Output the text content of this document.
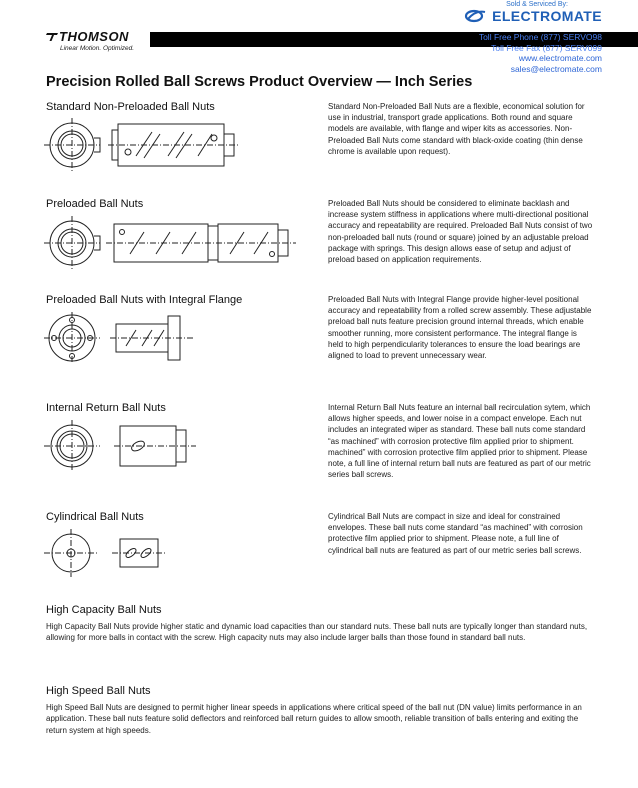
THOMSON
Linear Motion. Optimized.
Sold & Serviced By:
ELECTROMATE
Toll Free Phone (877) SERVO98
Toll Free Fax (877) SERV099
www.electromate.com
sales@electromate.com
Precision Rolled Ball Screws Product Overview — Inch Series
Standard Non-Preloaded Ball Nuts	Standard Non-Preloaded Ball Nuts are a flexible, economical solution for use in industrial, transport grade applications. Both round and square models are available, with flange and wiper kits as accessories. Non-Preloaded Ball Nuts come standard with black-oxide coating (thin dense chrome is available upon request).

Preloaded Ball Nuts	Preloaded Ball Nuts should be considered to eliminate backlash and increase system stiffness in applications where multi-directional positional accuracy and repeatability are required. Preloaded Ball Nuts consist of two non-preloaded ball nuts (round or square) joined by an adjustable preload package with springs. This design allows ease of setup and adjust of preload based on application requirements.

Preloaded Ball Nuts with Integral Flange	Preloaded Ball Nuts with Integral Flange provide higher-level positional accuracy and repeatability from a rolled screw assembly. These adjustable preload ball nuts feature precision ground internal threads, which enable smoother running, more consistent performance. The integral flange is held to high perpendicularity tolerances to ensure the load bearings are aligned to load to prevent unnecessary wear.

Internal Return Ball Nuts	Internal Return Ball Nuts feature an internal ball recirculation sytem, which allows higher speeds, and lower noise in a compact envelope. Each nut includes an integrated wiper as standard. These ball nuts come standard “as machined” with corrosion protective film applied prior to shipment. machined” with corrosion protective film applied prior to shipment. Please note, a full line of internal return ball nuts are featured as part of our metric series ball screws.

Cylindrical Ball Nuts	Cylindrical Ball Nuts are compact in size and ideal for constrained envelopes. These ball nuts come standard “as machined” with corrosion protective film applied prior to shipment. Please note, a full line of cylindrical ball nuts are featured as part of our metric series ball screws.

High Capacity Ball Nuts

High Capacity Ball Nuts provide higher static and dynamic load capacities than our standard nuts. These ball nuts are typically longer than standard nuts, allowing for more balls in contact with the screw. High capacity nuts may also include larger balls than those found in standard ball nuts.

High Speed Ball Nuts

High Speed Ball Nuts are designed to permit higher linear speeds in applications where critical speed of the ball nut (DN value) limits performance in an application. These ball nuts feature solid deflectors and reinforced ball return guides to allow smooth, reliable transition of balls entering and exiting the return system at high speeds.
